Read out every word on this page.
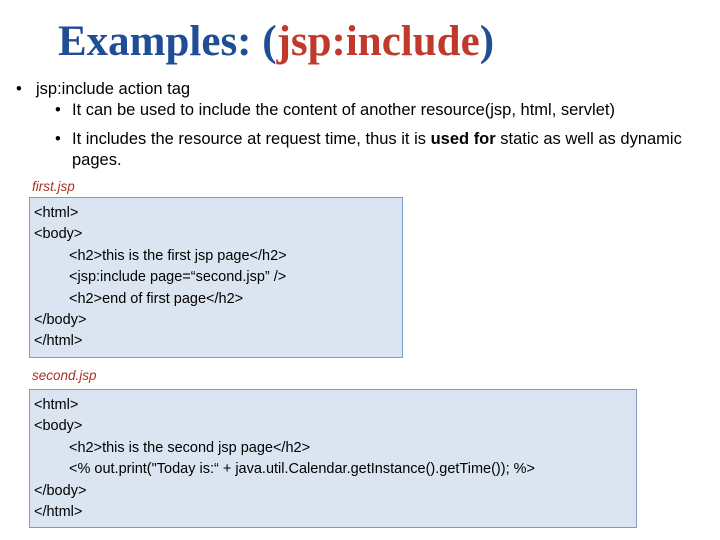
Examples: (jsp:include)
• jsp:include action tag
• It can be used to include the content of another resource(jsp, html, servlet)
• It includes the resource at request time, thus it is used for static as well as dynamic pages.
first.jsp
<html>
<body>
<h2>this is the first jsp page</h2>
<jsp:include page=“second.jsp” />
<h2>end of first page</h2>
</body>
</html>
second.jsp
<html>
<body>
<h2>this is the second jsp page</h2>
<% out.print("Today is:“ + java.util.Calendar.getInstance().getTime()); %>
</body>
</html>
